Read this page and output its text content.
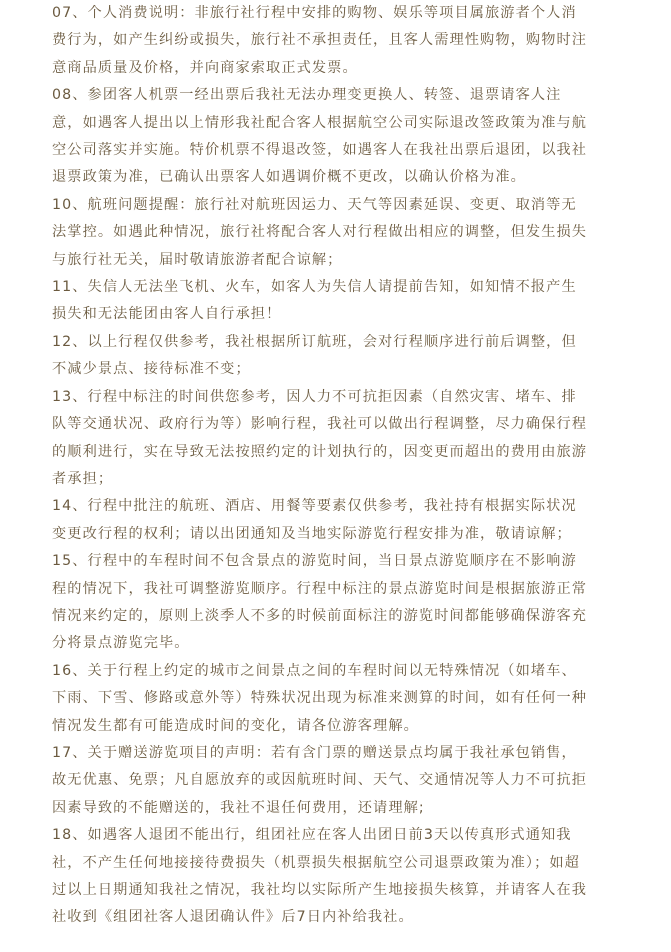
07、个人消费说明：非旅行社行程中安排的购物、娱乐等项目属旅游者个人消
费行为，如产生纠纷或损失，旅行社不承担责任，且客人需理性购物，购物时注
意商品质量及价格，并向商家索取正式发票。

08、参团客人机票一经出票后我社无法办理变更换人、转签、退票请客人注
意，如遇客人提出以上情形我社配合客人根据航空公司实际退改签政策为准与航
空公司落实并实施。特价机票不得退改签，如遇客人在我社出票后退团，以我社
退票政策为准，已确认出票客人如遇调价概不更改，以确认价格为准。

10、航班问题提醒：旅行社对航班因运力、天气等因素延误、变更、取消等无
法掌控。如遇此种情况，旅行社将配合客人对行程做出相应的调整，但发生损失
与旅行社无关，届时敬请旅游者配合谅解；

11、失信人无法坐飞机、火车，如客人为失信人请提前告知，如知情不报产生
损失和无法能团由客人自行承担！

12、以上行程仅供参考，我社根据所订航班，会对行程顺序进行前后调整，但
不减少景点、接待标准不变；

13、行程中标注的时间供您参考，因人力不可抗拒因素（自然灾害、堵车、排
队等交通状况、政府行为等）影响行程，我社可以做出行程调整，尽力确保行程
的顺利进行，实在导致无法按照约定的计划执行的，因变更而超出的费用由旅游
者承担；

14、行程中批注的航班、酒店、用餐等要素仅供参考，我社持有根据实际状况
变更改行程的权利；请以出团通知及当地实际游览行程安排为准，敬请谅解；

15、行程中的车程时间不包含景点的游览时间，当日景点游览顺序在不影响游
程的情况下，我社可调整游览顺序。行程中标注的景点游览时间是根据旅游正常
情况来约定的，原则上淡季人不多的时候前面标注的游览时间都能够确保游客充
分将景点游览完毕。

16、关于行程上约定的城市之间景点之间的车程时间以无特殊情况（如堵车、
下雨、下雪、修路或意外等）特殊状况出现为标准来测算的时间，如有任何一种
情况发生都有可能造成时间的变化，请各位游客理解。

17、关于赠送游览项目的声明：若有含门票的赠送景点均属于我社承包销售，
故无优惠、免票；凡自愿放弃的或因航班时间、天气、交通情况等人力不可抗拒
因素导致的不能赠送的，我社不退任何费用，还请理解;

18、如遇客人退团不能出行，组团社应在客人出团日前3天以传真形式通知我
社，不产生任何地接接待费损失（机票损失根据航空公司退票政策为准）；如超
过以上日期通知我社之情况，我社均以实际所产生地接损失核算，并请客人在我
社收到《组团社客人退团确认件》后7日内补给我社。
